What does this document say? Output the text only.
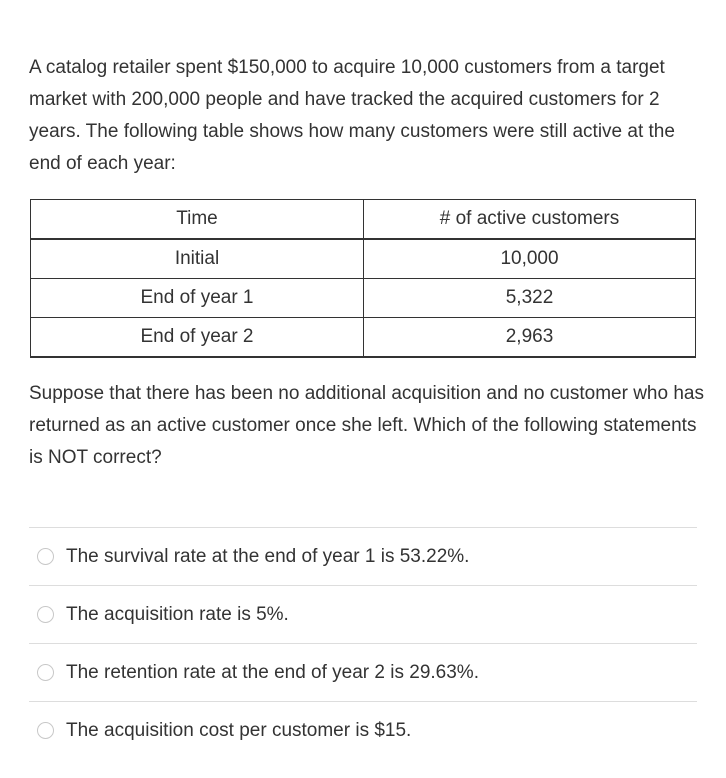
A catalog retailer spent $150,000 to acquire 10,000 customers from a target market with 200,000 people and have tracked the acquired customers for 2 years. The following table shows how many customers were still active at the end of each year:

Time	# of active customers
Initial	10,000
End of year 1	5,322
End of year 2	2,963

Suppose that there has been no additional acquisition and no customer who has returned as an active customer once she left. Which of the following statements is NOT correct?

The survival rate at the end of year 1 is 53.22%.
The acquisition rate is 5%.
The retention rate at the end of year 2 is 29.63%.
The acquisition cost per customer is $15.
